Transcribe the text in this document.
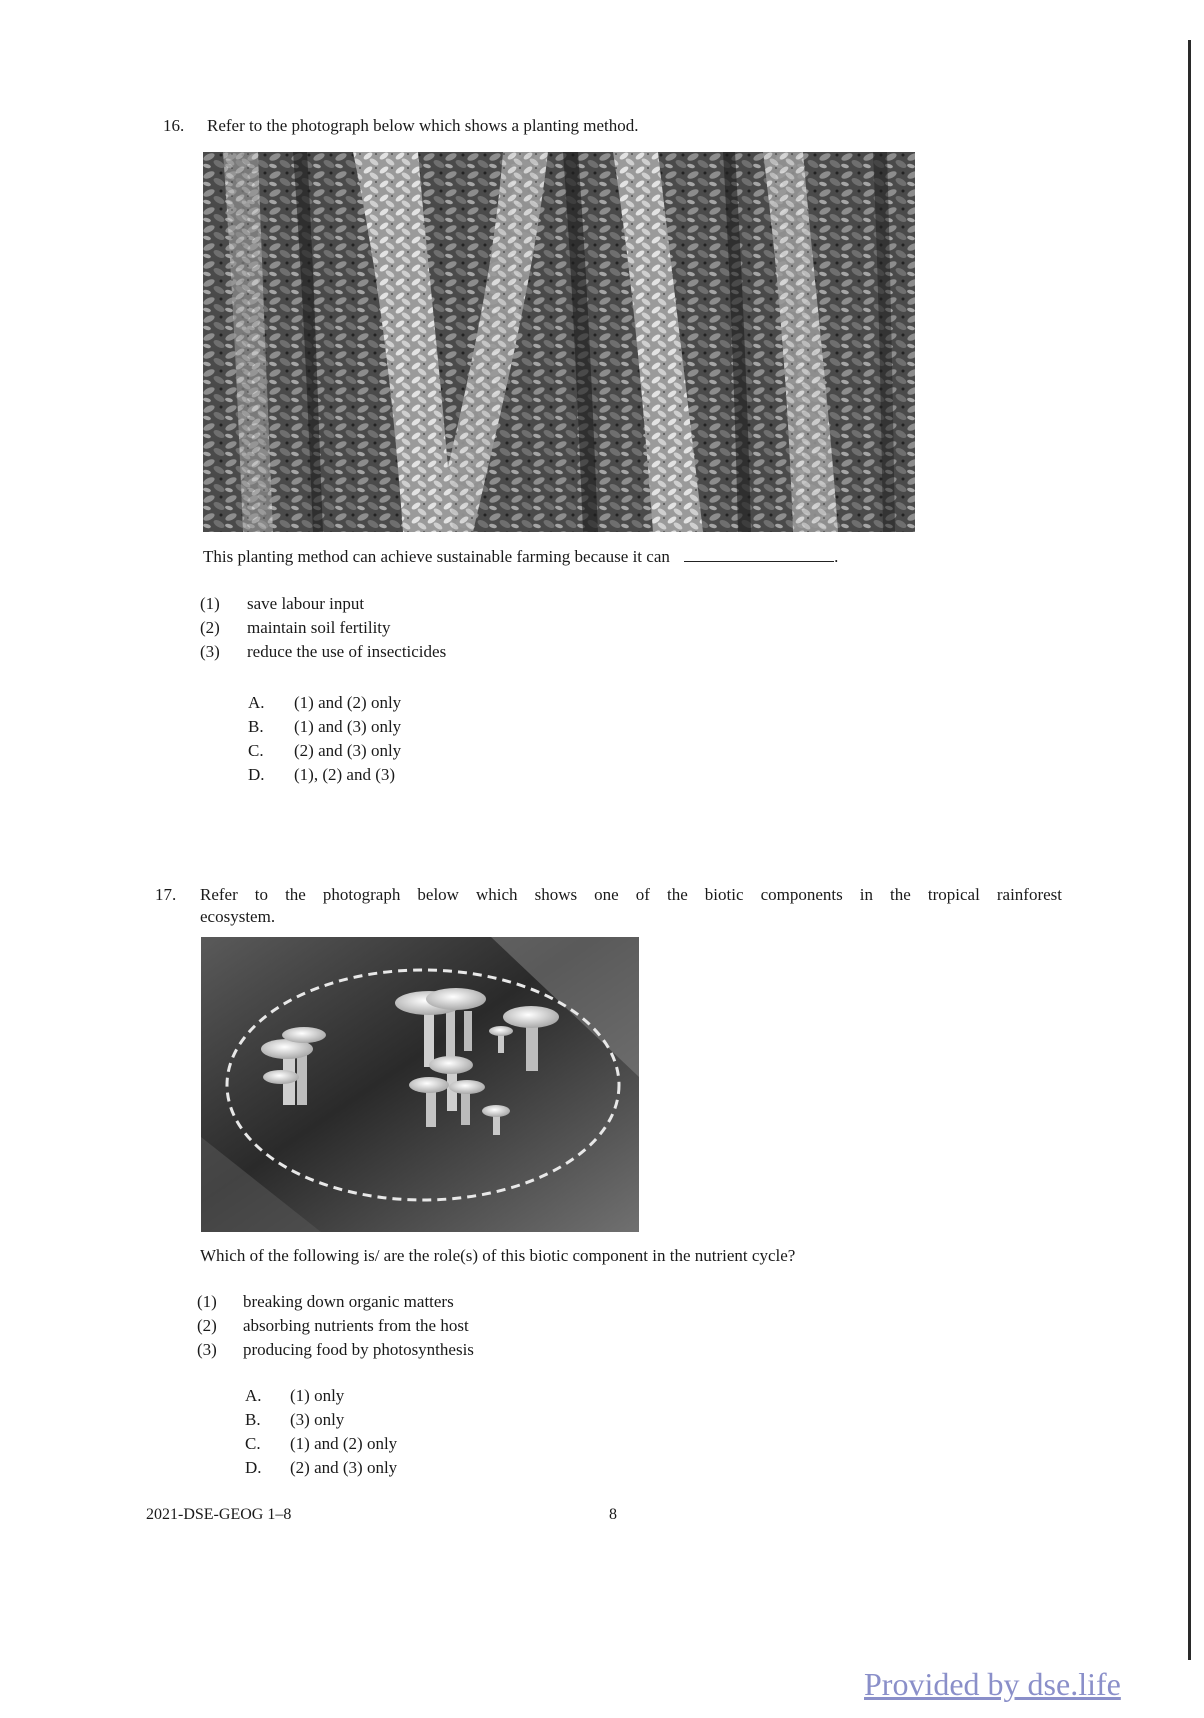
16. Refer to the photograph below which shows a planting method.
This planting method can achieve sustainable farming because it can	.
(1) save labour input
(2) maintain soil fertility
(3) reduce the use of insecticides
A. (1) and (2) only
B. (1) and (3) only
C. (2) and (3) only
D. (1), (2) and (3)
17. Refer to the photograph below which shows one of the biotic components in the tropical rainforest
ecosystem.
Which of the following is/ are the role(s) of this biotic component in the nutrient cycle?
(1) breaking down organic matters
(2) absorbing nutrients from the host
(3) producing food by photosynthesis
A. (1) only
B. (3) only
C. (1) and (2) only
D. (2) and (3) only
2021-DSE-GEOG 1–8	8
Provided by dse.life
